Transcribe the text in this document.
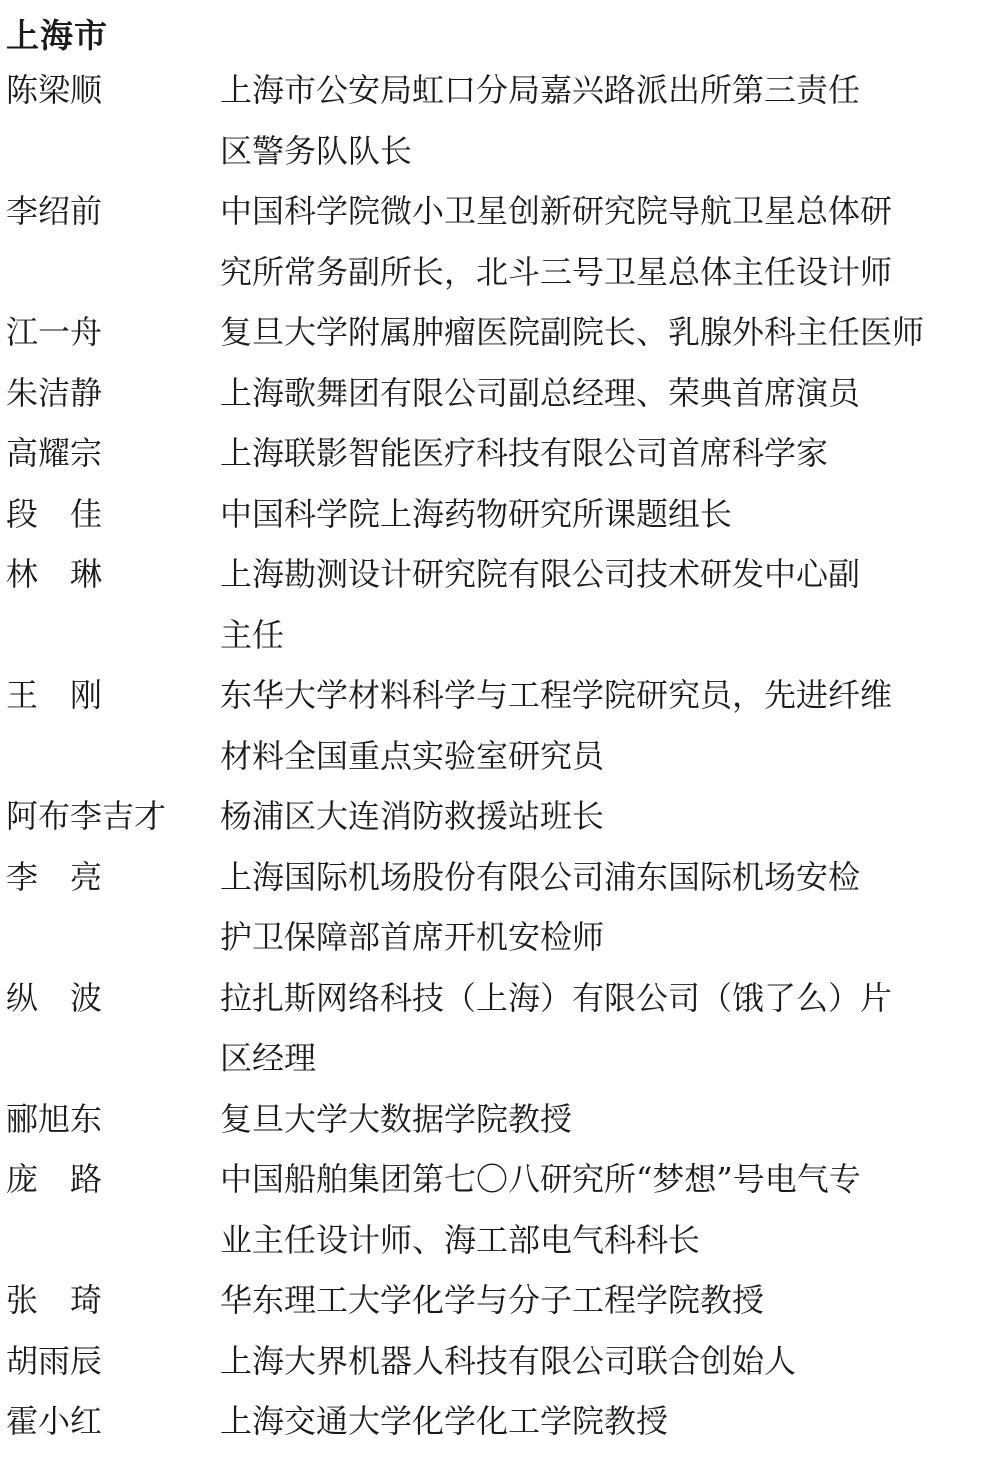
上海市
陈梁顺	上海市公安局虹口分局嘉兴路派出所第三责任
区警务队队长
李绍前	中国科学院微小卫星创新研究院导航卫星总体研
究所常务副所长，北斗三号卫星总体主任设计师
江一舟	复旦大学附属肿瘤医院副院长、乳腺外科主任医师
朱洁静	上海歌舞团有限公司副总经理、荣典首席演员
高耀宗	上海联影智能医疗科技有限公司首席科学家
段　佳	中国科学院上海药物研究所课题组长
林　琳	上海勘测设计研究院有限公司技术研发中心副
主任
王　刚	东华大学材料科学与工程学院研究员，先进纤维
材料全国重点实验室研究员
阿布李吉才	杨浦区大连消防救援站班长
李　亮	上海国际机场股份有限公司浦东国际机场安检
护卫保障部首席开机安检师
纵　波	拉扎斯网络科技（上海）有限公司（饿了么）片
区经理
郦旭东	复旦大学大数据学院教授
庞　路	中国船舶集团第七〇八研究所“梦想”号电气专
业主任设计师、海工部电气科科长
张　琦	华东理工大学化学与分子工程学院教授
胡雨辰	上海大界机器人科技有限公司联合创始人
霍小红	上海交通大学化学化工学院教授
